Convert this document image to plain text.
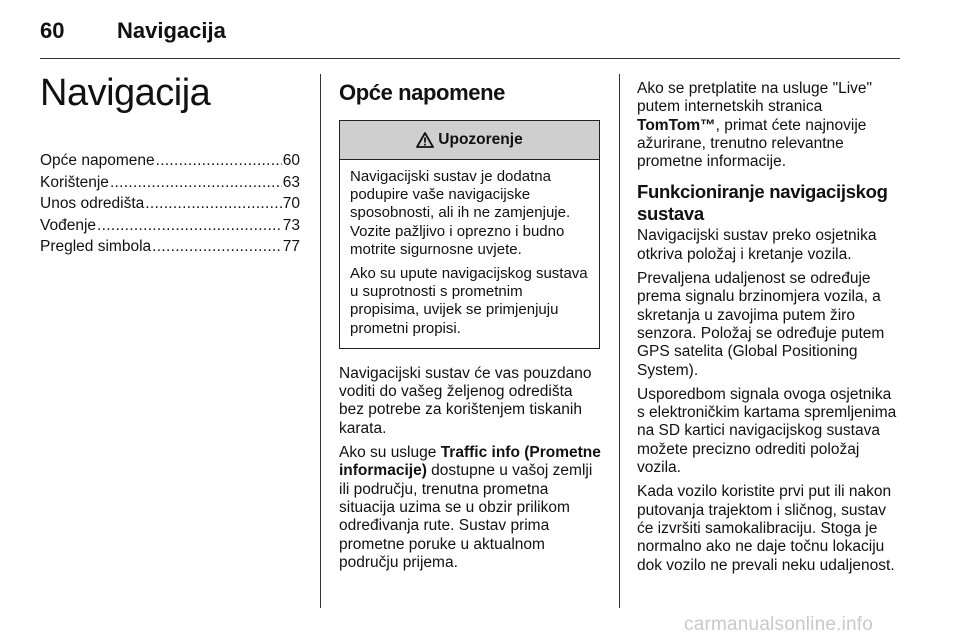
60 Navigacija
Navigacija
Opće napomene .....	60
Korištenje .....	63
Unos odredišta .....	70
Vođenje .....	73
Pregled simbola .....	77
Opće napomene
Upozorenje

Navigacijski sustav je dodatna podupire vaše navigacijske sposobnosti, ali ih ne zamjenjuje. Vozite pažljivo i oprezno i budno motrite sigurnosne uvjete.

Ako su upute navigacijskog sustava u suprotnosti s prometnim propisima, uvijek se primjenjuju prometni propisi.

Navigacijski sustav će vas pouzdano voditi do vašeg željenog odredišta bez potrebe za korištenjem tiskanih karata.

Ako su usluge Traffic info (Prometne informacije) dostupne u vašoj zemlji ili području, trenutna prometna situacija uzima se u obzir prilikom određivanja rute. Sustav prima prometne poruke u aktualnom području prijema.

Ako se pretplatite na usluge "Live" putem internetskih stranica TomTom™, primat ćete najnovije ažurirane, trenutno relevantne prometne informacije.

Funkcioniranje navigacijskog sustava

Navigacijski sustav preko osjetnika otkriva položaj i kretanje vozila.

Prevaljena udaljenost se određuje prema signalu brzinomjera vozila, a skretanja u zavojima putem žiro senzora. Položaj se određuje putem GPS satelita (Global Positioning System).

Usporedbom signala ovoga osjetnika s elektroničkim kartama spremljenima na SD kartici navigacijskog sustava možete precizno odrediti položaj vozila.

Kada vozilo koristite prvi put ili nakon putovanja trajektom i sličnog, sustav će izvršiti samokalibraciju. Stoga je normalno ako ne daje točnu lokaciju dok vozilo ne prevali neku udaljenost.

carmanualsonline.info
